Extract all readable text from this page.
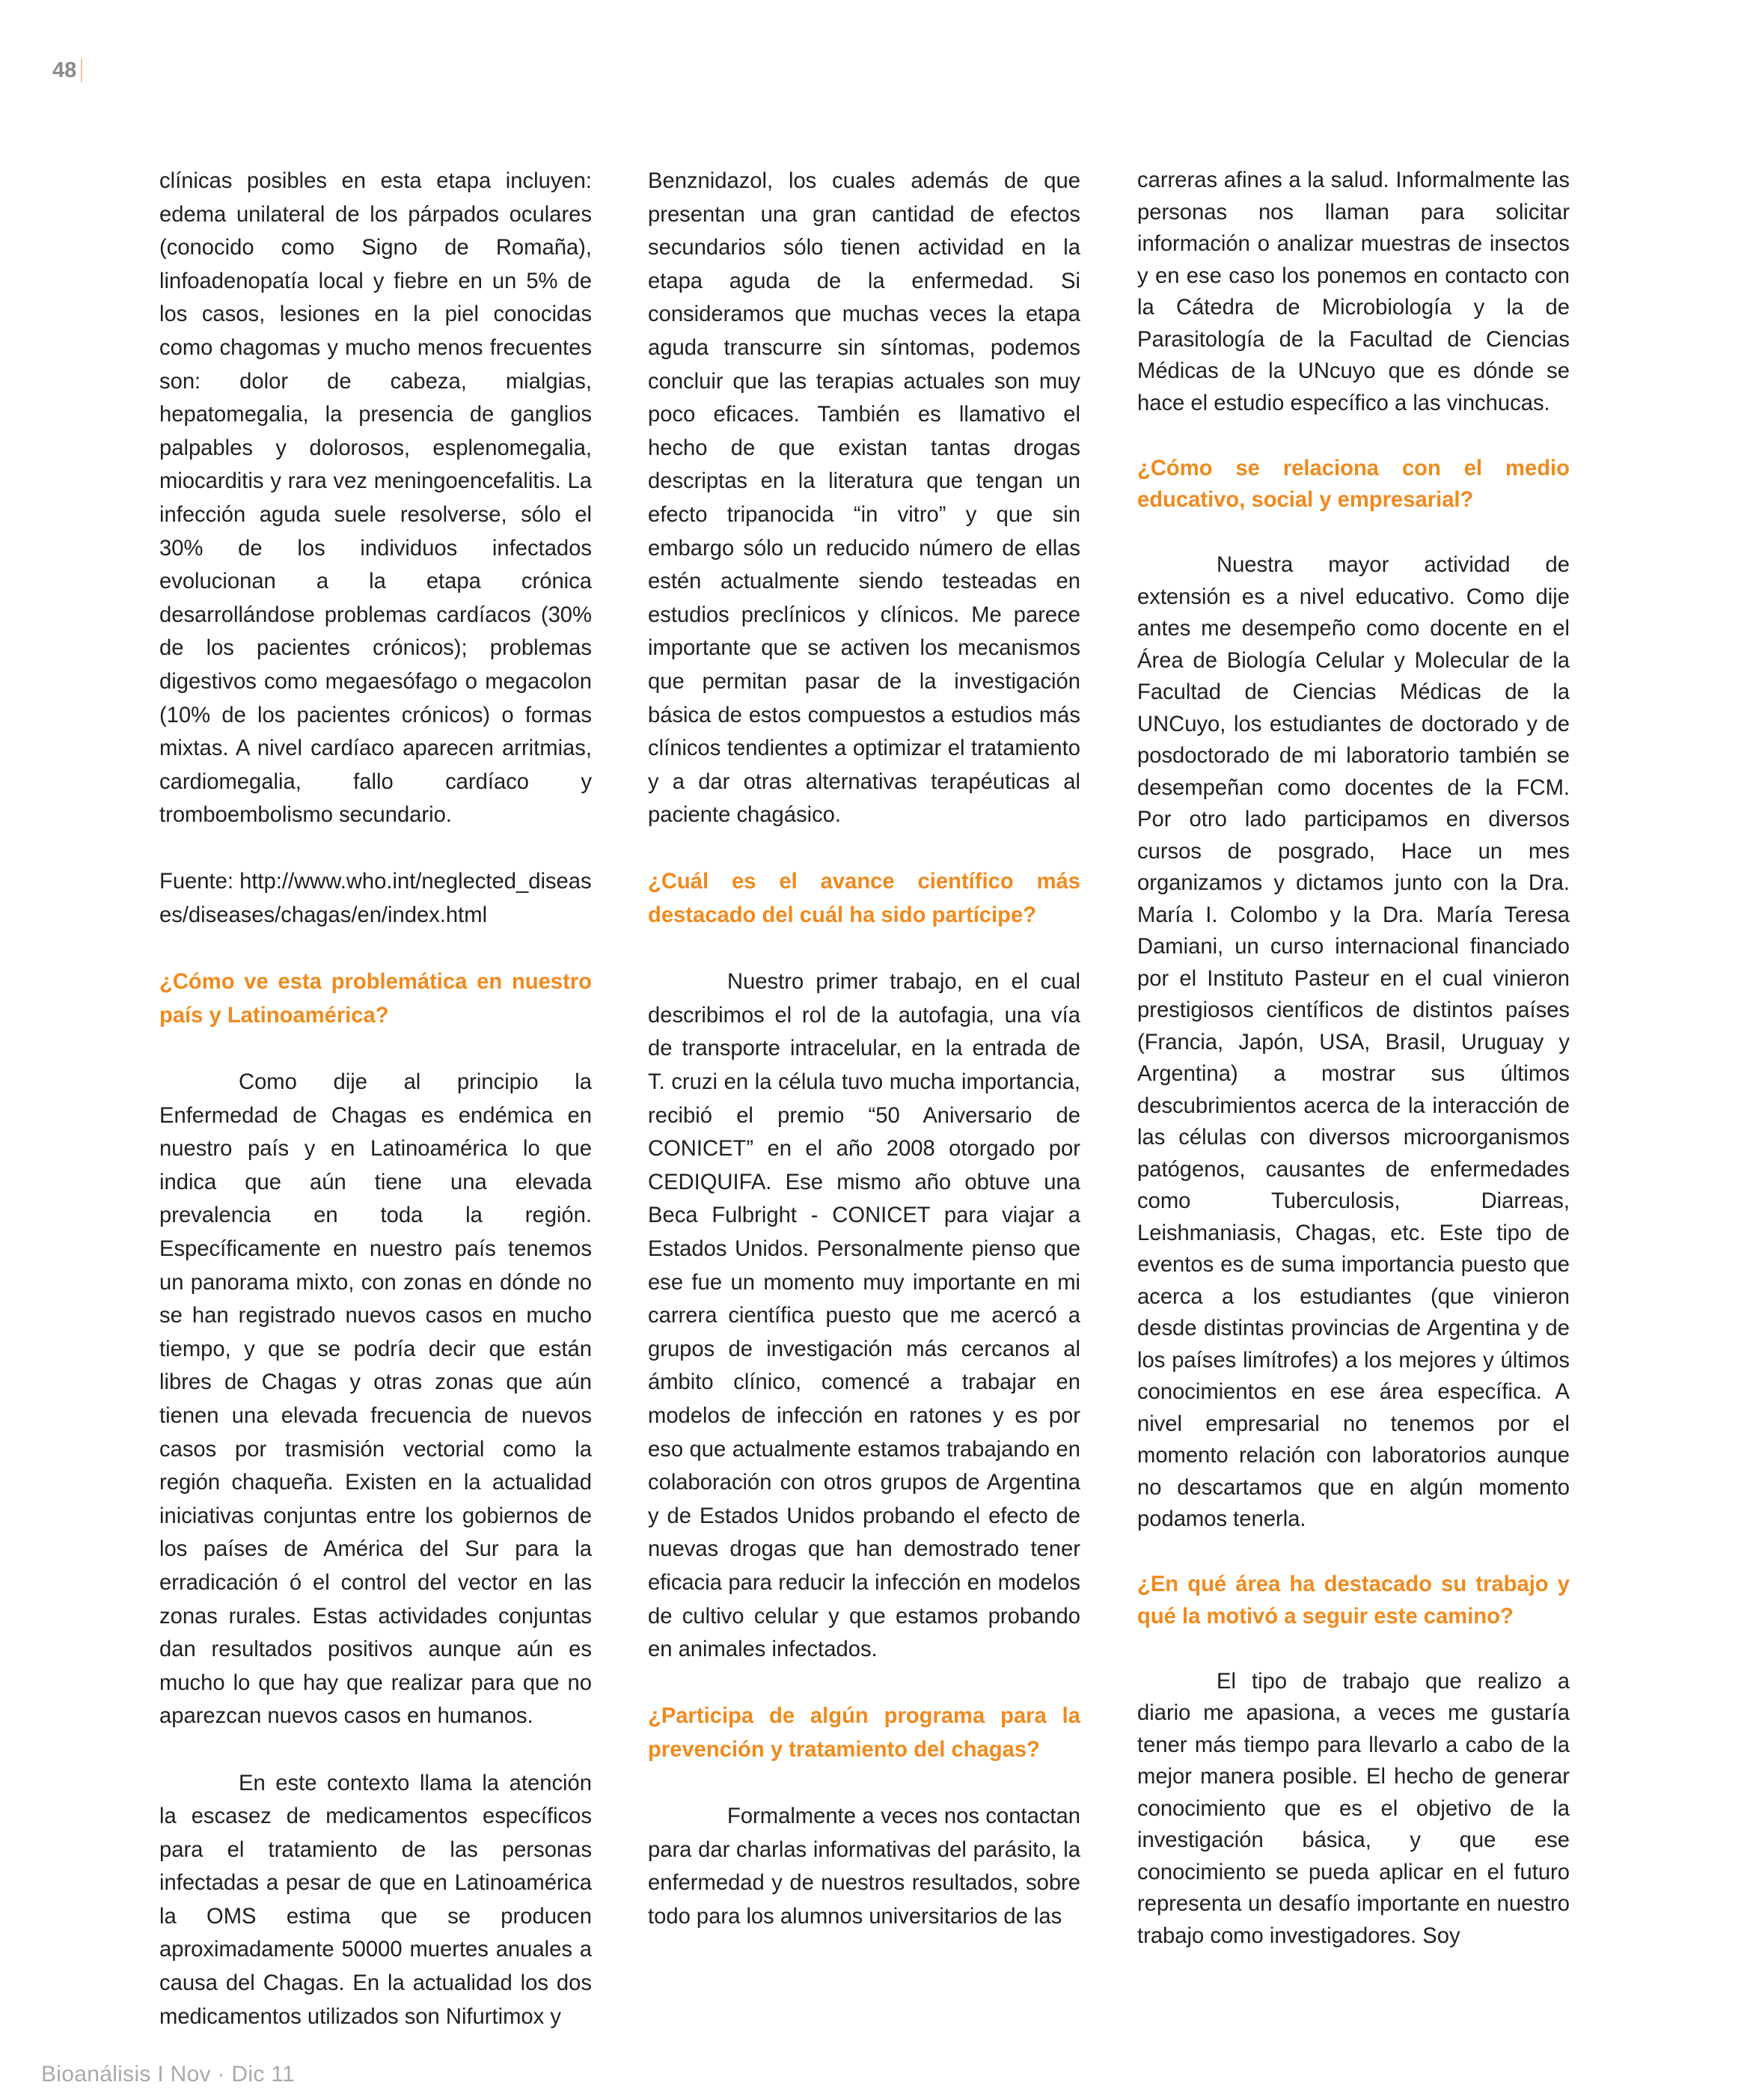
48

clínicas posibles en esta etapa incluyen: edema unilateral de los párpados oculares (conocido como Signo de Romaña), linfoadenopatía local y fiebre en un 5% de los casos, lesiones en la piel conocidas como chagomas y mucho menos frecuentes son: dolor de cabeza, mialgias, hepatomegalia, la presencia de ganglios palpables y dolorosos, esplenomegalia, miocarditis y rara vez meningoencefalitis. La infección aguda suele resolverse, sólo el 30% de los individuos infectados evolucionan a la etapa crónica desarrollándose problemas cardíacos (30% de los pacientes crónicos); problemas digestivos como megaesófago o megacolon (10% de los pacientes crónicos) o formas mixtas. A nivel cardíaco aparecen arritmias, cardiomegalia, fallo cardíaco y tromboembolismo secundario.

Fuente: http://www.who.int/neglected_diseases/diseases/chagas/en/index.html

¿Cómo ve esta problemática en nuestro país y Latinoamérica?

Como dije al principio la Enfermedad de Chagas es endémica en nuestro país y en Latinoamérica lo que indica que aún tiene una elevada prevalencia en toda la región. Específicamente en nuestro país tenemos un panorama mixto, con zonas en dónde no se han registrado nuevos casos en mucho tiempo, y que se podría decir que están libres de Chagas y otras zonas que aún tienen una elevada frecuencia de nuevos casos por trasmisión vectorial como la región chaqueña. Existen en la actualidad iniciativas conjuntas entre los gobiernos de los países de América del Sur para la erradicación ó el control del vector en las zonas rurales. Estas actividades conjuntas dan resultados positivos aunque aún es mucho lo que hay que realizar para que no aparezcan nuevos casos en humanos.

En este contexto llama la atención la escasez de medicamentos específicos para el tratamiento de las personas infectadas a pesar de que en Latinoamérica la OMS estima que se producen aproximadamente 50000 muertes anuales a causa del Chagas. En la actualidad los dos medicamentos utilizados son Nifurtimox y

Benznidazol, los cuales además de que presentan una gran cantidad de efectos secundarios sólo tienen actividad en la etapa aguda de la enfermedad. Si consideramos que muchas veces la etapa aguda transcurre sin síntomas, podemos concluir que las terapias actuales son muy poco eficaces. También es llamativo el hecho de que existan tantas drogas descriptas en la literatura que tengan un efecto tripanocida “in vitro” y que sin embargo sólo un reducido número de ellas estén actualmente siendo testeadas en estudios preclínicos y clínicos. Me parece importante que se activen los mecanismos que permitan pasar de la investigación básica de estos compuestos a estudios más clínicos tendientes a optimizar el tratamiento y a dar otras alternativas terapéuticas al paciente chagásico.

¿Cuál es el avance científico más destacado del cuál ha sido partícipe?

Nuestro primer trabajo, en el cual describimos el rol de la autofagia, una vía de transporte intracelular, en la entrada de T. cruzi en la célula tuvo mucha importancia, recibió el premio “50 Aniversario de CONICET” en el año 2008 otorgado por CEDIQUIFA. Ese mismo año obtuve una Beca Fulbright - CONICET para viajar a Estados Unidos. Personalmente pienso que ese fue un momento muy importante en mi carrera científica puesto que me acercó a grupos de investigación más cercanos al ámbito clínico, comencé a trabajar en modelos de infección en ratones y es por eso que actualmente estamos trabajando en colaboración con otros grupos de Argentina y de Estados Unidos probando el efecto de nuevas drogas que han demostrado tener eficacia para reducir la infección en modelos de cultivo celular y que estamos probando en animales infectados.

¿Participa de algún programa para la prevención y tratamiento del chagas?

Formalmente a veces nos contactan para dar charlas informativas del parásito, la enfermedad y de nuestros resultados, sobre todo para los alumnos universitarios de las

carreras afines a la salud. Informalmente las personas nos llaman para solicitar información o analizar muestras de insectos y en ese caso los ponemos en contacto con la Cátedra de Microbiología y la de Parasitología de la Facultad de Ciencias Médicas de la UNcuyo que es dónde se hace el estudio específico a las vinchucas.

¿Cómo se relaciona con el medio educativo, social y empresarial?

Nuestra mayor actividad de extensión es a nivel educativo. Como dije antes me desempeño como docente en el Área de Biología Celular y Molecular de la Facultad de Ciencias Médicas de la UNCuyo, los estudiantes de doctorado y de posdoctorado de mi laboratorio también se desempeñan como docentes de la FCM. Por otro lado participamos en diversos cursos de posgrado, Hace un mes organizamos y dictamos junto con la Dra. María I. Colombo y la Dra. María Teresa Damiani, un curso internacional financiado por el Instituto Pasteur en el cual vinieron prestigiosos científicos de distintos países (Francia, Japón, USA, Brasil, Uruguay y Argentina) a mostrar sus últimos descubrimientos acerca de la interacción de las células con diversos microorganismos patógenos, causantes de enfermedades como Tuberculosis, Diarreas, Leishmaniasis, Chagas, etc. Este tipo de eventos es de suma importancia puesto que acerca a los estudiantes (que vinieron desde distintas provincias de Argentina y de los países limítrofes) a los mejores y últimos conocimientos en ese área específica. A nivel empresarial no tenemos por el momento relación con laboratorios aunque no descartamos que en algún momento podamos tenerla.

¿En qué área ha destacado su trabajo y qué la motivó a seguir este camino?

El tipo de trabajo que realizo a diario me apasiona, a veces me gustaría tener más tiempo para llevarlo a cabo de la mejor manera posible. El hecho de generar conocimiento que es el objetivo de la investigación básica, y que ese conocimiento se pueda aplicar en el futuro representa un desafío importante en nuestro trabajo como investigadores. Soy

Bioanálisis I Nov · Dic 11
